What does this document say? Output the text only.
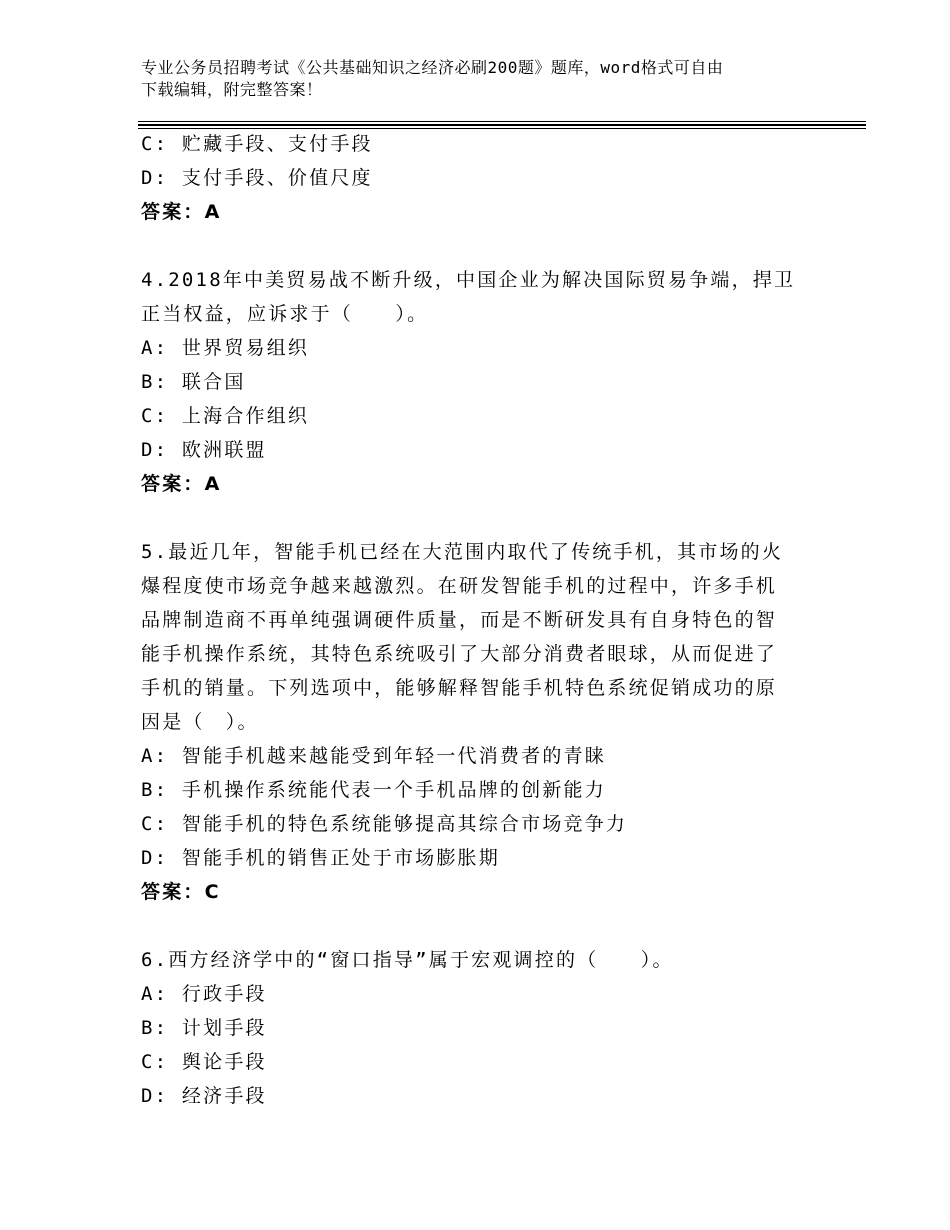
专业公务员招聘考试《公共基础知识之经济必刷200题》题库，word格式可自由
下载编辑，附完整答案！
C: 贮藏手段、支付手段
D: 支付手段、价值尺度
答案：A
4.2018年中美贸易战不断升级，中国企业为解决国际贸易争端，捍卫
正当权益，应诉求于（　　）。
A: 世界贸易组织
B: 联合国
C: 上海合作组织
D: 欧洲联盟
答案：A
5.最近几年，智能手机已经在大范围内取代了传统手机，其市场的火
爆程度使市场竞争越来越激烈。在研发智能手机的过程中，许多手机
品牌制造商不再单纯强调硬件质量，而是不断研发具有自身特色的智
能手机操作系统，其特色系统吸引了大部分消费者眼球，从而促进了
手机的销量。下列选项中，能够解释智能手机特色系统促销成功的原
因是（　）。
A: 智能手机越来越能受到年轻一代消费者的青睐
B: 手机操作系统能代表一个手机品牌的创新能力
C: 智能手机的特色系统能够提高其综合市场竞争力
D: 智能手机的销售正处于市场膨胀期
答案：C
6.西方经济学中的“窗口指导”属于宏观调控的（　　）。
A: 行政手段
B: 计划手段
C: 舆论手段
D: 经济手段
